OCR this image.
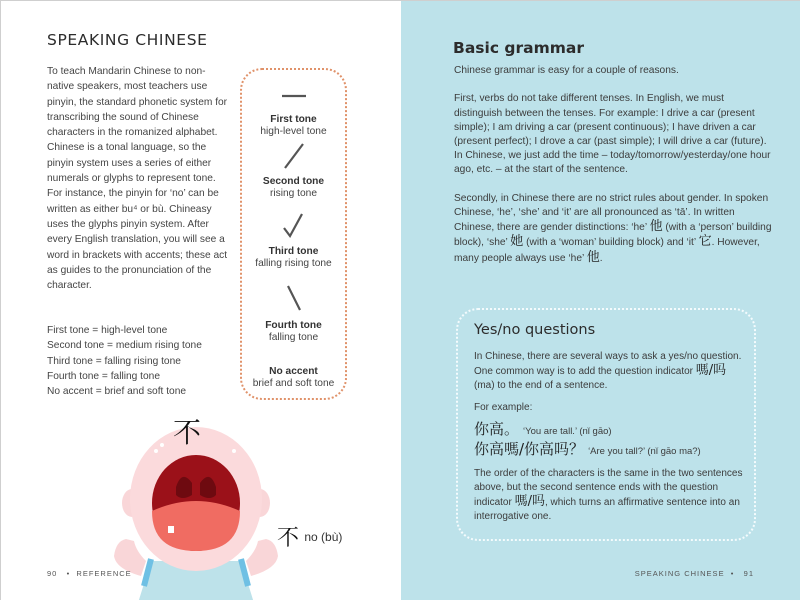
SPEAKING CHINESE

To teach Mandarin Chinese to non-native speakers, most teachers use pinyin, the standard phonetic system for transcribing the sound of Chinese characters in the romanized alphabet. Chinese is a tonal language, so the pinyin system uses a series of either numerals or glyphs to represent tone. For instance, the pinyin for ‘no’ can be written as either bu⁴ or bù. Chineasy uses the glyphs pinyin system. After every English translation, you will see a word in brackets with accents; these act as guides to the pronunciation of the character.

First tone = high-level tone
Second tone = medium rising tone
Third tone = falling rising tone
Fourth tone = falling tone
No accent = brief and soft tone
First tone
high-level tone
Second tone
rising tone
Third tone
falling rising tone
Fourth tone
falling tone
No accent
brief and soft tone
不
不 no (bù)
90 • REFERENCE
Basic grammar

Chinese grammar is easy for a couple of reasons.

First, verbs do not take different tenses. In English, we must distinguish between the tenses. For example: I drive a car (present simple); I am driving a car (present continuous); I have driven a car (present perfect); I drove a car (past simple); I will drive a car (future). In Chinese, we just add the time – today/tomorrow/yesterday/one hour ago, etc. – at the start of the sentence.

Secondly, in Chinese there are no strict rules about gender. In spoken Chinese, ‘he’, ‘she’ and ‘it’ are all pronounced as ‘tā’. In written Chinese, there are gender distinctions: ‘he’ 他 (with a ‘person’ building block), ‘she’ 她 (with a ‘woman’ building block) and ‘it’ 它. However, many people always use ‘he’ 他.

SPEAKING CHINESE • 91
Yes/no questions
In Chinese, there are several ways to ask a yes/no question. One common way is to add the question indicator 嗎/吗 (ma) to the end of a sentence.
For example:
你高。 ‘You are tall.’ (nǐ gāo)
你高嗎/你高吗？ ‘Are you tall?’ (nǐ gāo ma?)
The order of the characters is the same in the two sentences above, but the second sentence ends with the question indicator 嗎/吗, which turns an affirmative sentence into an interrogative one.
